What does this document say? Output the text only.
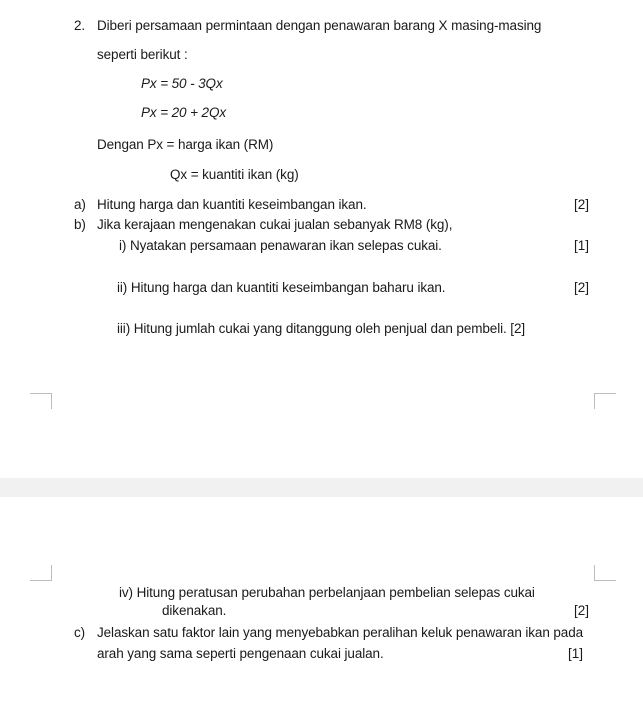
2. Diberi persamaan permintaan dengan penawaran barang X masing-masing
seperti berikut :
Px = 50 - 3Qx
Px = 20 + 2Qx
Dengan Px = harga ikan (RM)
Qx = kuantiti ikan (kg)
a) Hitung harga dan kuantiti keseimbangan ikan.	[2]
b) Jika kerajaan mengenakan cukai jualan sebanyak RM8 (kg),
i) Nyatakan persamaan penawaran ikan selepas cukai.	[1]
ii) Hitung harga dan kuantiti keseimbangan baharu ikan.	[2]
iii) Hitung jumlah cukai yang ditanggung oleh penjual dan pembeli. [2]
iv) Hitung peratusan perubahan perbelanjaan pembelian selepas cukai
dikenakan.	[2]
c) Jelaskan satu faktor lain yang menyebabkan peralihan keluk penawaran ikan pada
arah yang sama seperti pengenaan cukai jualan.	[1]
